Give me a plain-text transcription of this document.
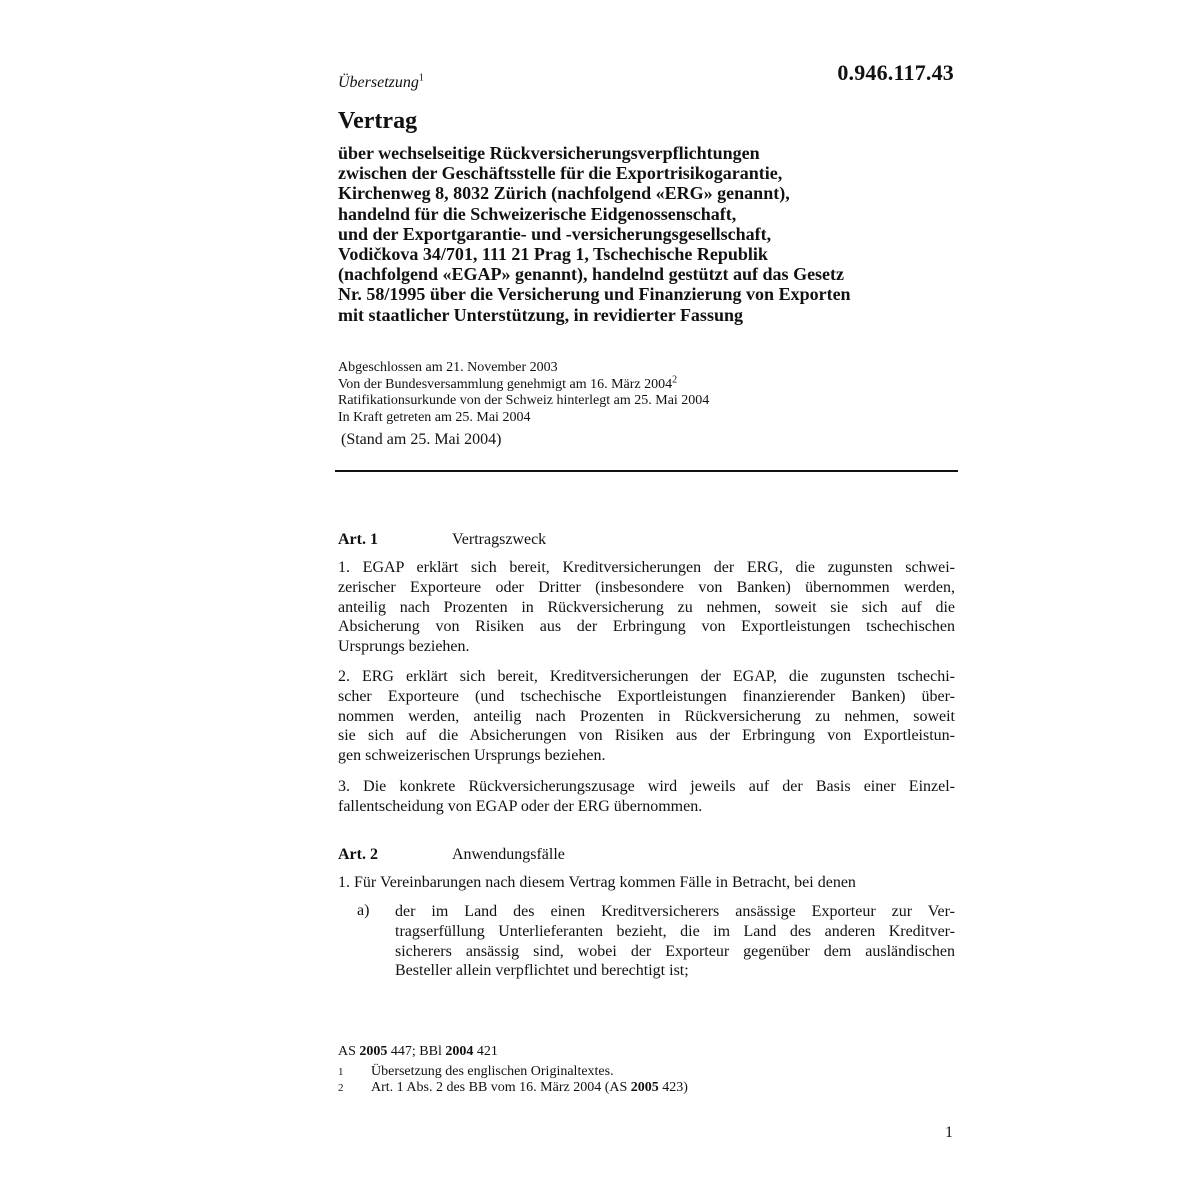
Übersetzung$^1$	0.946.117.43
Vertrag
über wechselseitige Rückversicherungsverpflichtungen
zwischen der Geschäftsstelle für die Exportrisikogarantie,
Kirchenweg 8, 8032 Zürich (nachfolgend «ERG» genannt),
handelnd für die Schweizerische Eidgenossenschaft,
und der Exportgarantie- und -versicherungsgesellschaft,
Vodičkova 34/701, 111 21 Prag 1, Tschechische Republik
(nachfolgend «EGAP» genannt), handelnd gestützt auf das Gesetz
Nr. 58/1995 über die Versicherung und Finanzierung von Exporten
mit staatlicher Unterstützung, in revidierter Fassung
Abgeschlossen am 21. November 2003
Von der Bundesversammlung genehmigt am 16. März 2004$^2$
Ratifikationsurkunde von der Schweiz hinterlegt am 25. Mai 2004
In Kraft getreten am 25. Mai 2004
(Stand am 25. Mai 2004)
Art. 1	Vertragszweck
1. EGAP erklärt sich bereit, Kreditversicherungen der ERG, die zugunsten schwei-
zerischer Exporteure oder Dritter (insbesondere von Banken) übernommen werden,
anteilig nach Prozenten in Rückversicherung zu nehmen, soweit sie sich auf die
Absicherung von Risiken aus der Erbringung von Exportleistungen tschechischen
Ursprungs beziehen.
2. ERG erklärt sich bereit, Kreditversicherungen der EGAP, die zugunsten tschechi-
scher Exporteure (und tschechische Exportleistungen finanzierender Banken) über-
nommen werden, anteilig nach Prozenten in Rückversicherung zu nehmen, soweit
sie sich auf die Absicherungen von Risiken aus der Erbringung von Exportleistun-
gen schweizerischen Ursprungs beziehen.
3. Die konkrete Rückversicherungszusage wird jeweils auf der Basis einer Einzel-
fallentscheidung von EGAP oder der ERG übernommen.
Art. 2	Anwendungsfälle
1. Für Vereinbarungen nach diesem Vertrag kommen Fälle in Betracht, bei denen
a) der im Land des einen Kreditversicherers ansässige Exporteur zur Ver-
tragserfüllung Unterlieferanten bezieht, die im Land des anderen Kreditver-
sicherers ansässig sind, wobei der Exporteur gegenüber dem ausländischen
Besteller allein verpflichtet und berechtigt ist;
AS 2005 447; BBl 2004 421
1 Übersetzung des englischen Originaltextes.
2 Art. 1 Abs. 2 des BB vom 16. März 2004 (AS 2005 423)
1
